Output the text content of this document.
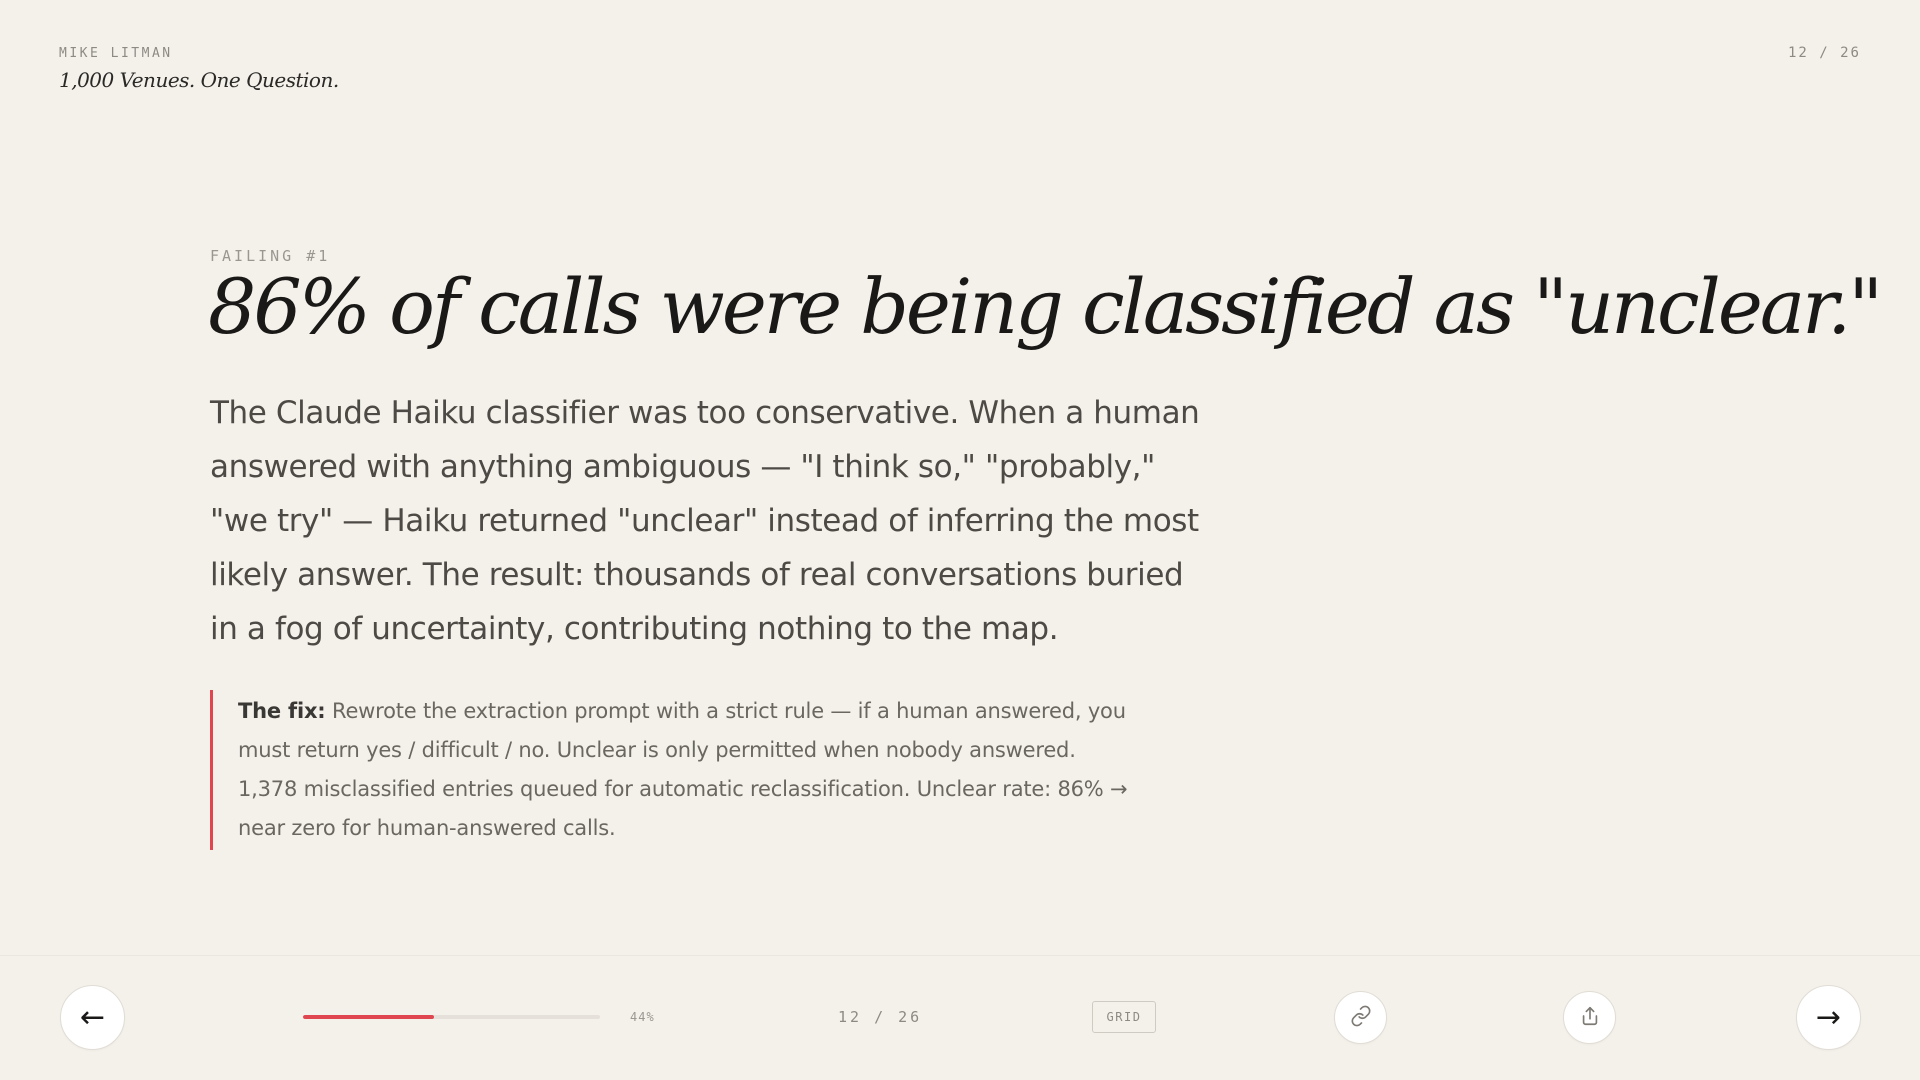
MIKE LITMAN
1,000 Venues. One Question.
12 / 26
FAILING #1
86% of calls were being classified as "unclear."

The Claude Haiku classifier was too conservative. When a human answered with anything ambiguous — "I think so," "probably," "we try" — Haiku returned "unclear" instead of inferring the most likely answer. The result: thousands of real conversations buried in a fog of uncertainty, contributing nothing to the map.

The fix: Rewrote the extraction prompt with a strict rule — if a human answered, you must return yes / difficult / no. Unclear is only permitted when nobody answered. 1,378 misclassified entries queued for automatic reclassification. Unclear rate: 86% → near zero for human-answered calls.
←	44%	12 / 26	GRID	→
